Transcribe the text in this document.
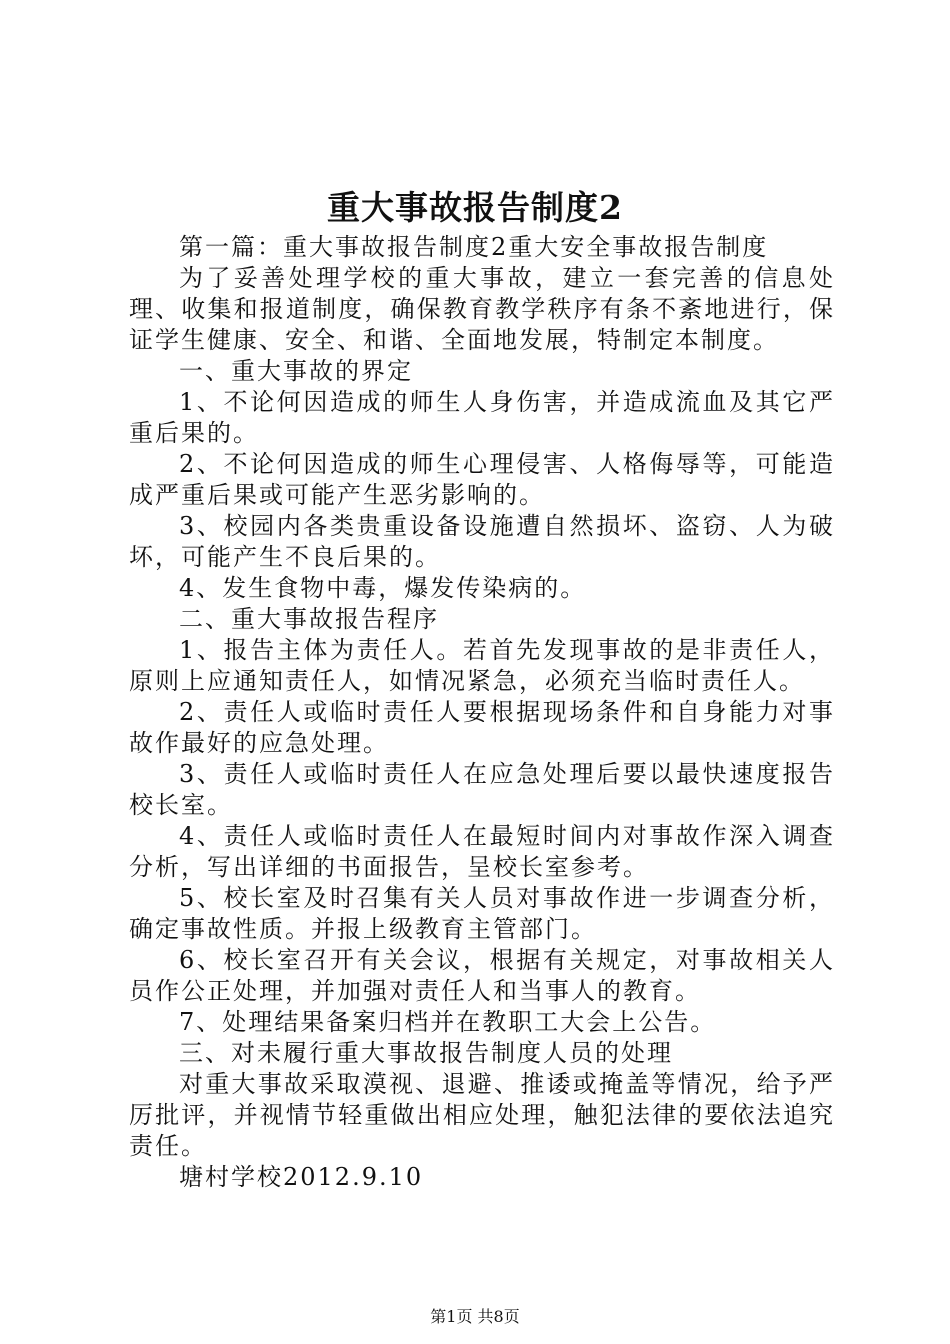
重大事故报告制度2

第一篇：重大事故报告制度2重大安全事故报告制度

为了妥善处理学校的重大事故，建立一套完善的信息处理、收集和报道制度，确保教育教学秩序有条不紊地进行，保证学生健康、安全、和谐、全面地发展，特制定本制度。

一、重大事故的界定

1、不论何因造成的师生人身伤害，并造成流血及其它严重后果的。

2、不论何因造成的师生心理侵害、人格侮辱等，可能造成严重后果或可能产生恶劣影响的。

3、校园内各类贵重设备设施遭自然损坏、盗窃、人为破坏，可能产生不良后果的。

4、发生食物中毒，爆发传染病的。

二、重大事故报告程序

1、报告主体为责任人。若首先发现事故的是非责任人，原则上应通知责任人，如情况紧急，必须充当临时责任人。

2、责任人或临时责任人要根据现场条件和自身能力对事故作最好的应急处理。

3、责任人或临时责任人在应急处理后要以最快速度报告校长室。

4、责任人或临时责任人在最短时间内对事故作深入调查分析，写出详细的书面报告，呈校长室参考。

5、校长室及时召集有关人员对事故作进一步调查分析，确定事故性质。并报上级教育主管部门。

6、校长室召开有关会议，根据有关规定，对事故相关人员作公正处理，并加强对责任人和当事人的教育。

7、处理结果备案归档并在教职工大会上公告。

三、对未履行重大事故报告制度人员的处理

对重大事故采取漠视、退避、推诿或掩盖等情况，给予严厉批评，并视情节轻重做出相应处理，触犯法律的要依法追究责任。

塘村学校2012.9.10

第1页 共8页
